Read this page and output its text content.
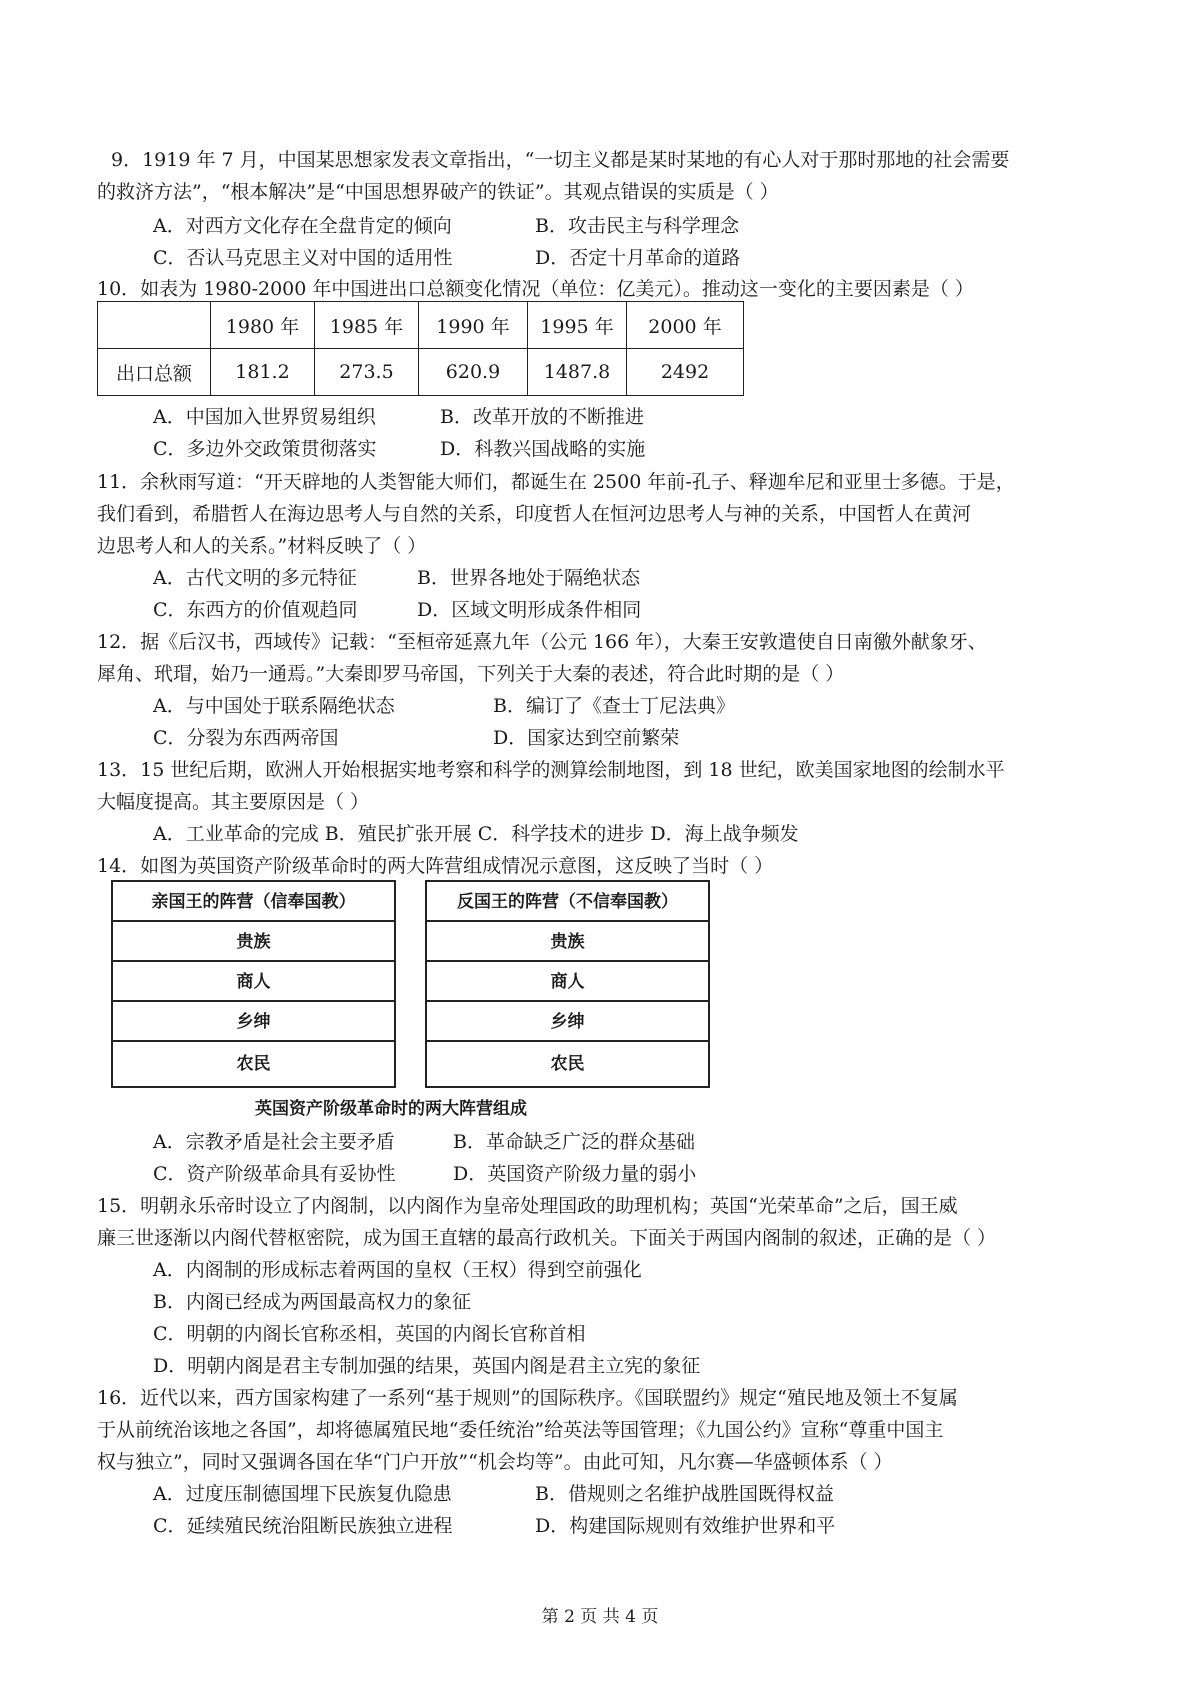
9．1919 年 7 月，中国某思想家发表文章指出，“一切主义都是某时某地的有心人对于那时那地的社会需要
的救济方法”，“根本解决”是“中国思想界破产的铁证”。其观点错误的实质是（ ）
A．对西方文化存在全盘肯定的倾向	B．攻击民主与科学理念
C．否认马克思主义对中国的适用性	D．否定十月革命的道路
10．如表为 1980-2000 年中国进出口总额变化情况（单位：亿美元）。推动这一变化的主要因素是（ ）
	1980 年	1985 年	1990 年	1995 年	2000 年
出口总额	181.2	273.5	620.9	1487.8	2492
A．中国加入世界贸易组织	B．改革开放的不断推进
C．多边外交政策贯彻落实	D．科教兴国战略的实施
11．余秋雨写道：“开天辟地的人类智能大师们，都诞生在 2500 年前-孔子、释迦牟尼和亚里士多德。于是，
我们看到，希腊哲人在海边思考人与自然的关系，印度哲人在恒河边思考人与神的关系，中国哲人在黄河
边思考人和人的关系。”材料反映了（ ）
A．古代文明的多元特征	B．世界各地处于隔绝状态
C．东西方的价值观趋同	D．区域文明形成条件相同
12．据《后汉书，西域传》记载：“至桓帝延熹九年（公元 166 年），大秦王安敦遣使自日南徼外献象牙、
犀角、玳瑁，始乃一通焉。”大秦即罗马帝国，下列关于大秦的表述，符合此时期的是（ ）
A．与中国处于联系隔绝状态	B．编订了《查士丁尼法典》
C．分裂为东西两帝国	D．国家达到空前繁荣
13．15 世纪后期，欧洲人开始根据实地考察和科学的测算绘制地图，到 18 世纪，欧美国家地图的绘制水平
大幅度提高。其主要原因是（ ）
A．工业革命的完成 B．殖民扩张开展 C．科学技术的进步 D．海上战争频发
14．如图为英国资产阶级革命时的两大阵营组成情况示意图，这反映了当时（ ）
亲国王的阵营（信奉国教）
贵族
商人
乡绅
农民
反国王的阵营（不信奉国教）
贵族
商人
乡绅
农民
英国资产阶级革命时的两大阵营组成
A．宗教矛盾是社会主要矛盾	B．革命缺乏广泛的群众基础
C．资产阶级革命具有妥协性	D．英国资产阶级力量的弱小
15．明朝永乐帝时设立了内阁制，以内阁作为皇帝处理国政的助理机构；英国“光荣革命”之后，国王威
廉三世逐渐以内阁代替枢密院，成为国王直辖的最高行政机关。下面关于两国内阁制的叙述，正确的是（ ）
A．内阁制的形成标志着两国的皇权（王权）得到空前强化
B．内阁已经成为两国最高权力的象征
C．明朝的内阁长官称丞相，英国的内阁长官称首相
D．明朝内阁是君主专制加强的结果，英国内阁是君主立宪的象征
16．近代以来，西方国家构建了一系列“基于规则”的国际秩序。《国联盟约》规定“殖民地及领土不复属
于从前统治该地之各国”，却将德属殖民地“委任统治”给英法等国管理；《九国公约》宣称“尊重中国主
权与独立”，同时又强调各国在华“门户开放”“机会均等”。由此可知，凡尔赛—华盛顿体系（ ）
A．过度压制德国埋下民族复仇隐患	B．借规则之名维护战胜国既得权益
C．延续殖民统治阻断民族独立进程	D．构建国际规则有效维护世界和平
第 2 页 共 4 页
